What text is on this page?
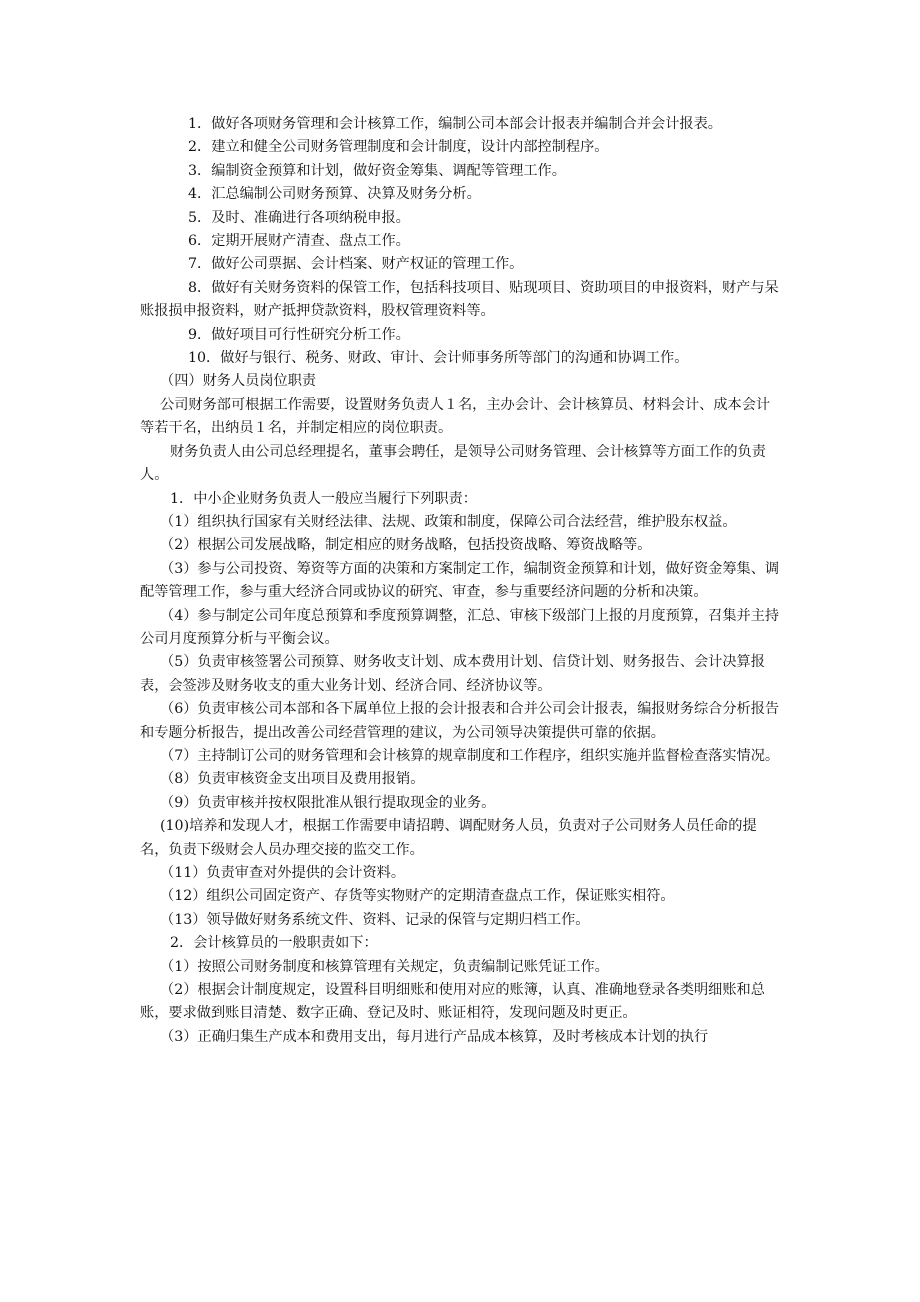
1．做好各项财务管理和会计核算工作，编制公司本部会计报表并编制合并会计报表。

2．建立和健全公司财务管理制度和会计制度，设计内部控制程序。

3．编制资金预算和计划，做好资金筹集、调配等管理工作。

4．汇总编制公司财务预算、决算及财务分析。

5．及时、准确进行各项纳税申报。

6．定期开展财产清查、盘点工作。

7．做好公司票据、会计档案、财产权证的管理工作。

8．做好有关财务资料的保管工作，包括科技项目、贴现项目、资助项目的申报资料，财产与呆账报损申报资料，财产抵押贷款资料，股权管理资料等。

9．做好项目可行性研究分析工作。

10．做好与银行、税务、财政、审计、会计师事务所等部门的沟通和协调工作。

（四）财务人员岗位职责

公司财务部可根据工作需要，设置财务负责人１名，主办会计、会计核算员、材料会计、成本会计等若干名，出纳员１名，并制定相应的岗位职责。

财务负责人由公司总经理提名，董事会聘任，是领导公司财务管理、会计核算等方面工作的负责人。

1．中小企业财务负责人一般应当履行下列职责：

（1）组织执行国家有关财经法律、法规、政策和制度，保障公司合法经营，维护股东权益。

（2）根据公司发展战略，制定相应的财务战略，包括投资战略、筹资战略等。

（3）参与公司投资、筹资等方面的决策和方案制定工作，编制资金预算和计划，做好资金筹集、调配等管理工作，参与重大经济合同或协议的研究、审查，参与重要经济问题的分析和决策。

（4）参与制定公司年度总预算和季度预算调整，汇总、审核下级部门上报的月度预算，召集并主持公司月度预算分析与平衡会议。

（5）负责审核签署公司预算、财务收支计划、成本费用计划、信贷计划、财务报告、会计决算报表，会签涉及财务收支的重大业务计划、经济合同、经济协议等。

（6）负责审核公司本部和各下属单位上报的会计报表和合并公司会计报表，编报财务综合分析报告和专题分析报告，提出改善公司经营管理的建议，为公司领导决策提供可靠的依据。

（7）主持制订公司的财务管理和会计核算的规章制度和工作程序，组织实施并监督检查落实情况。

（8）负责审核资金支出项目及费用报销。

（9）负责审核并按权限批准从银行提取现金的业务。

(10)培养和发现人才，根据工作需要申请招聘、调配财务人员，负责对子公司财务人员任命的提名，负责下级财会人员办理交接的监交工作。

（11）负责审查对外提供的会计资料。

（12）组织公司固定资产、存货等实物财产的定期清查盘点工作，保证账实相符。

（13）领导做好财务系统文件、资料、记录的保管与定期归档工作。

2．会计核算员的一般职责如下：

（1）按照公司财务制度和核算管理有关规定，负责编制记账凭证工作。

（2）根据会计制度规定，设置科目明细账和使用对应的账簿，认真、准确地登录各类明细账和总账，要求做到账目清楚、数字正确、登记及时、账证相符，发现问题及时更正。

（3）正确归集生产成本和费用支出，每月进行产品成本核算，及时考核成本计划的执行
